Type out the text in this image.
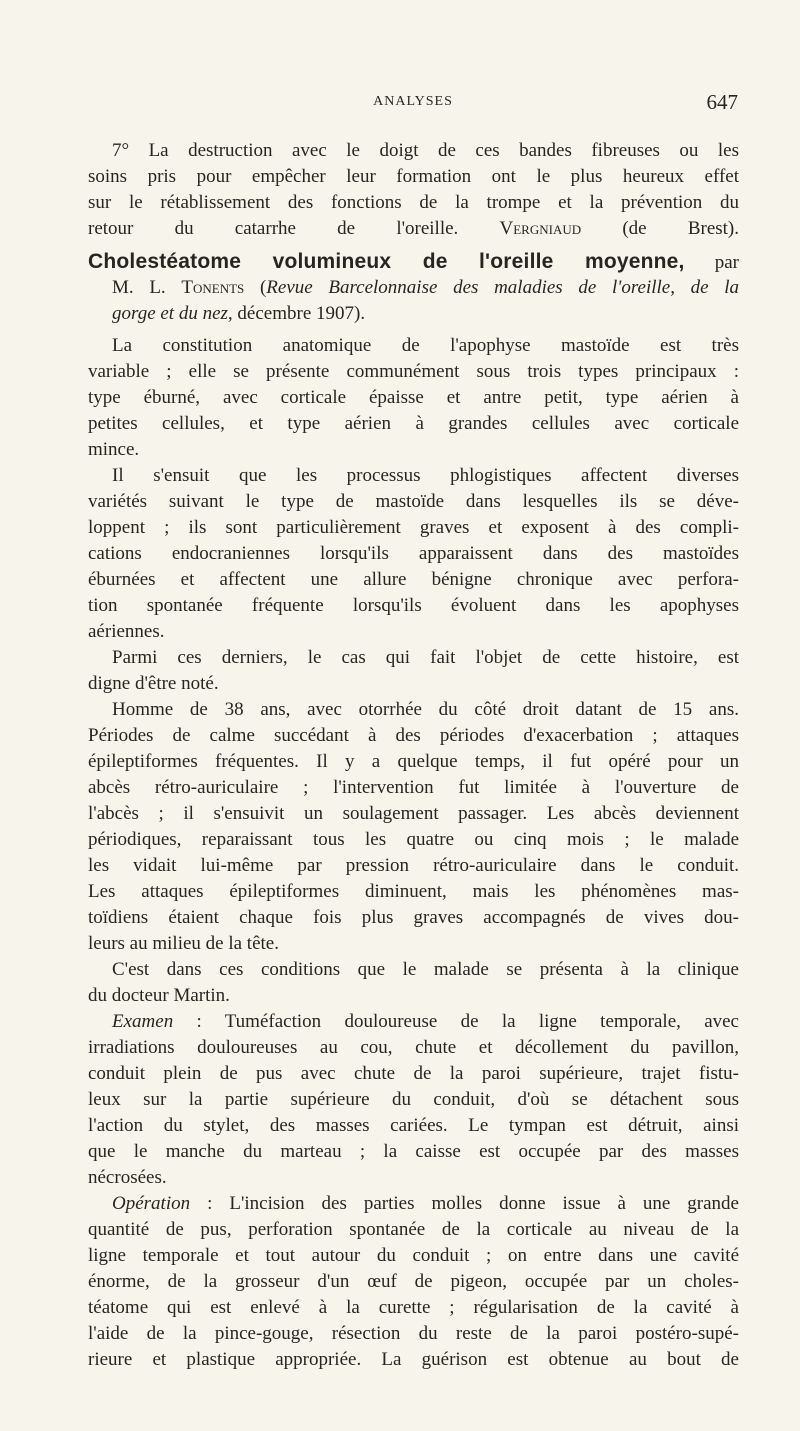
ANALYSES	647
7° La destruction avec le doigt de ces bandes fibreuses ou les
soins pris pour empêcher leur formation ont le plus heureux effet
sur le rétablissement des fonctions de la trompe et la prévention du
retour du catarrhe de l'oreille. Vergniaud (de Brest).
Cholestéatome volumineux de l'oreille moyenne, par
M. L. Tonents (Revue Barcelonnaise des maladies de l'oreille, de la
gorge et du nez, décembre 1907).
La constitution anatomique de l'apophyse mastoïde est très
variable ; elle se présente communément sous trois types principaux :
type éburné, avec corticale épaisse et antre petit, type aérien à
petites cellules, et type aérien à grandes cellules avec corticale
mince.
Il s'ensuit que les processus phlogistiques affectent diverses
variétés suivant le type de mastoïde dans lesquelles ils se déve-
loppent ; ils sont particulièrement graves et exposent à des compli-
cations endocraniennes lorsqu'ils apparaissent dans des mastoïdes
éburnées et affectent une allure bénigne chronique avec perfora-
tion spontanée fréquente lorsqu'ils évoluent dans les apophyses
aériennes.
Parmi ces derniers, le cas qui fait l'objet de cette histoire, est
digne d'être noté.
Homme de 38 ans, avec otorrhée du côté droit datant de 15 ans.
Périodes de calme succédant à des périodes d'exacerbation ; attaques
épileptiformes fréquentes. Il y a quelque temps, il fut opéré pour un
abcès rétro-auriculaire ; l'intervention fut limitée à l'ouverture de
l'abcès ; il s'ensuivit un soulagement passager. Les abcès deviennent
périodiques, reparaissant tous les quatre ou cinq mois ; le malade
les vidait lui-même par pression rétro-auriculaire dans le conduit.
Les attaques épileptiformes diminuent, mais les phénomènes mas-
toïdiens étaient chaque fois plus graves accompagnés de vives dou-
leurs au milieu de la tête.
C'est dans ces conditions que le malade se présenta à la clinique
du docteur Martin.
Examen : Tuméfaction douloureuse de la ligne temporale, avec
irradiations douloureuses au cou, chute et décollement du pavillon,
conduit plein de pus avec chute de la paroi supérieure, trajet fistu-
leux sur la partie supérieure du conduit, d'où se détachent sous
l'action du stylet, des masses cariées. Le tympan est détruit, ainsi
que le manche du marteau ; la caisse est occupée par des masses
nécrosées.
Opération : L'incision des parties molles donne issue à une grande
quantité de pus, perforation spontanée de la corticale au niveau de la
ligne temporale et tout autour du conduit ; on entre dans une cavité
énorme, de la grosseur d'un œuf de pigeon, occupée par un choles-
téatome qui est enlevé à la curette ; régularisation de la cavité à
l'aide de la pince-gouge, résection du reste de la paroi postéro-supé-
rieure et plastique appropriée. La guérison est obtenue au bout de
